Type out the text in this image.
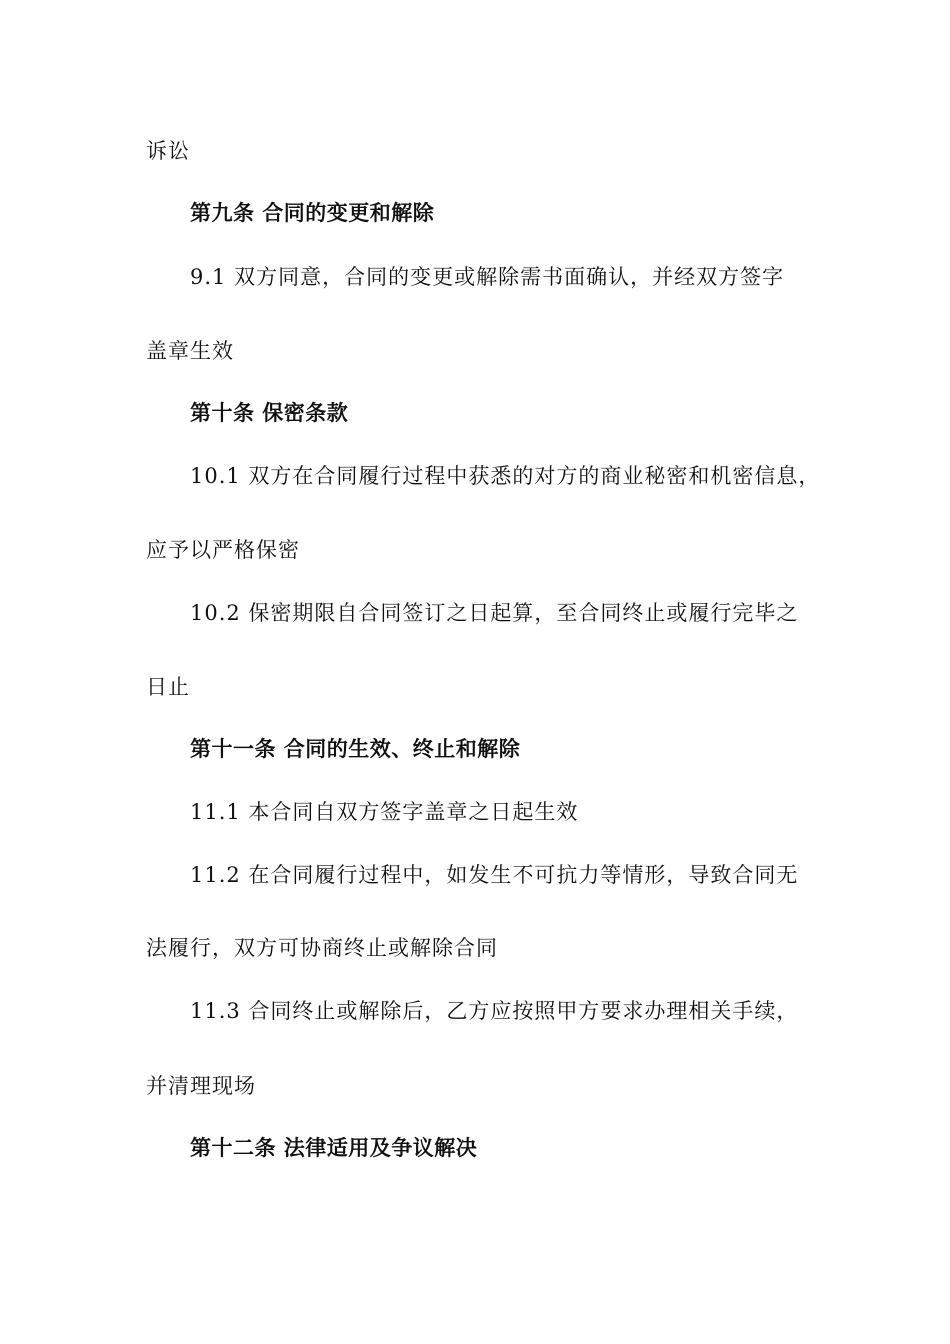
诉讼
第九条 合同的变更和解除
9.1 双方同意，合同的变更或解除需书面确认，并经双方签字
盖章生效
第十条 保密条款
10.1 双方在合同履行过程中获悉的对方的商业秘密和机密信息，
应予以严格保密
10.2 保密期限自合同签订之日起算，至合同终止或履行完毕之
日止
第十一条 合同的生效、终止和解除
11.1 本合同自双方签字盖章之日起生效
11.2 在合同履行过程中，如发生不可抗力等情形，导致合同无
法履行，双方可协商终止或解除合同
11.3 合同终止或解除后，乙方应按照甲方要求办理相关手续，
并清理现场
第十二条 法律适用及争议解决
